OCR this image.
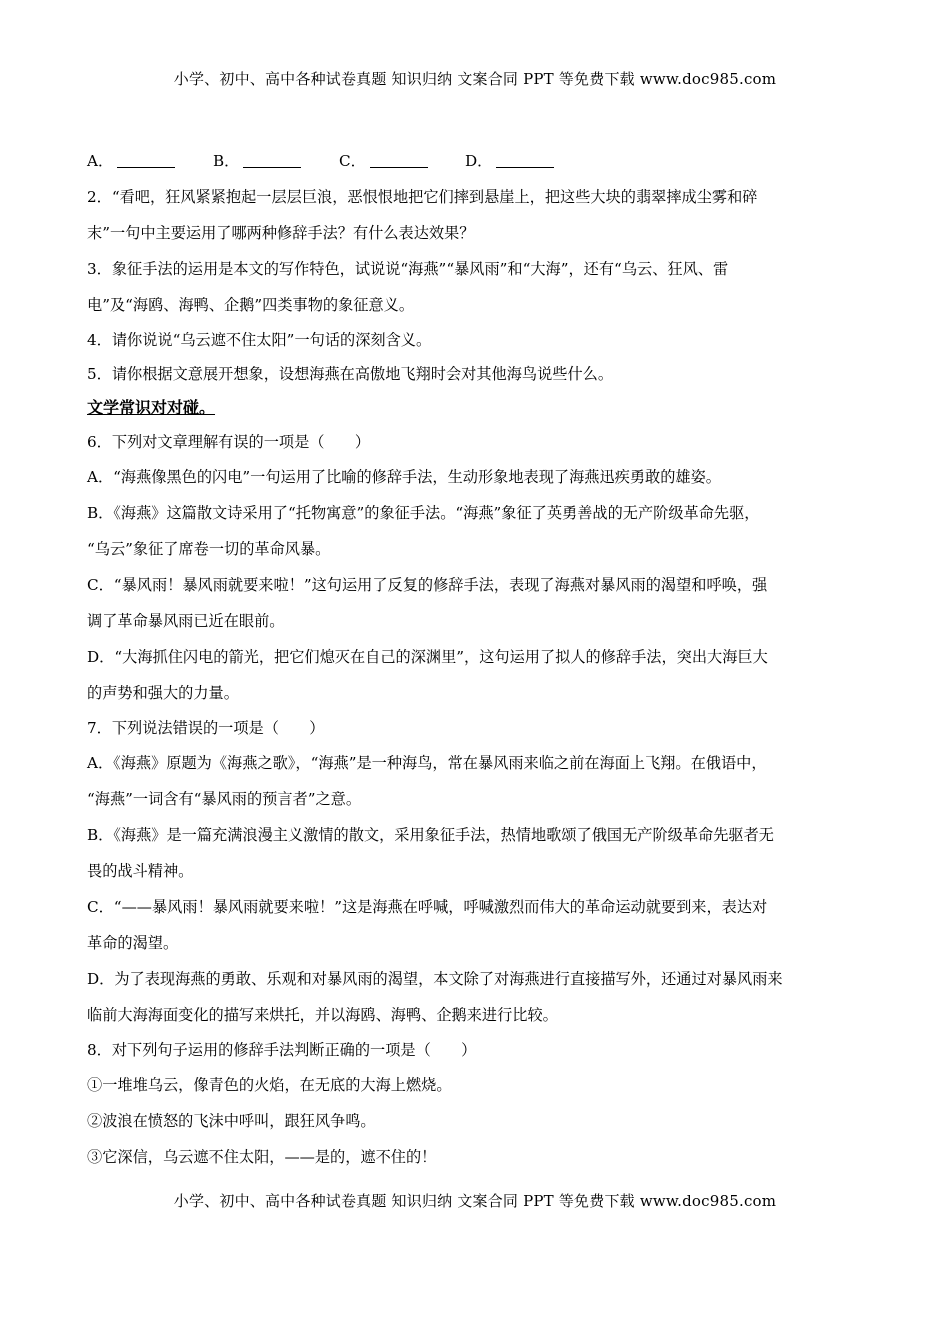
小学、初中、高中各种试卷真题 知识归纳 文案合同 PPT 等免费下载 www.doc985.com
A．	B．	C．	D．
2．“看吧，狂风紧紧抱起一层层巨浪，恶恨恨地把它们摔到悬崖上，把这些大块的翡翠摔成尘雾和碎
末”一句中主要运用了哪两种修辞手法？有什么表达效果？
3．象征手法的运用是本文的写作特色，试说说“海燕”“暴风雨”和“大海”，还有“乌云、狂风、雷
电”及“海鸥、海鸭、企鹅”四类事物的象征意义。
4．请你说说“乌云遮不住太阳”一句话的深刻含义。
5．请你根据文意展开想象，设想海燕在高傲地飞翔时会对其他海鸟说些什么。
文学常识对对碰。
6．下列对文章理解有误的一项是（　　）
A．“海燕像黑色的闪电”一句运用了比喻的修辞手法，生动形象地表现了海燕迅疾勇敢的雄姿。
B．《海燕》这篇散文诗采用了“托物寓意”的象征手法。“海燕”象征了英勇善战的无产阶级革命先驱，
“乌云”象征了席卷一切的革命风暴。
C．“暴风雨！暴风雨就要来啦！”这句运用了反复的修辞手法，表现了海燕对暴风雨的渴望和呼唤，强
调了革命暴风雨已近在眼前。
D．“大海抓住闪电的箭光，把它们熄灭在自己的深渊里”，这句运用了拟人的修辞手法，突出大海巨大
的声势和强大的力量。
7．下列说法错误的一项是（　　）
A．《海燕》原题为《海燕之歌》，“海燕”是一种海鸟，常在暴风雨来临之前在海面上飞翔。在俄语中，
“海燕”一词含有“暴风雨的预言者”之意。
B．《海燕》是一篇充满浪漫主义激情的散文，采用象征手法，热情地歌颂了俄国无产阶级革命先驱者无
畏的战斗精神。
C．“——暴风雨！暴风雨就要来啦！”这是海燕在呼喊，呼喊激烈而伟大的革命运动就要到来，表达对
革命的渴望。
D．为了表现海燕的勇敢、乐观和对暴风雨的渴望，本文除了对海燕进行直接描写外，还通过对暴风雨来
临前大海海面变化的描写来烘托，并以海鸥、海鸭、企鹅来进行比较。
8．对下列句子运用的修辞手法判断正确的一项是（　　）
①一堆堆乌云，像青色的火焰，在无底的大海上燃烧。
②波浪在愤怒的飞沫中呼叫，跟狂风争鸣。
③它深信，乌云遮不住太阳，——是的，遮不住的！
小学、初中、高中各种试卷真题 知识归纳 文案合同 PPT 等免费下载 www.doc985.com
